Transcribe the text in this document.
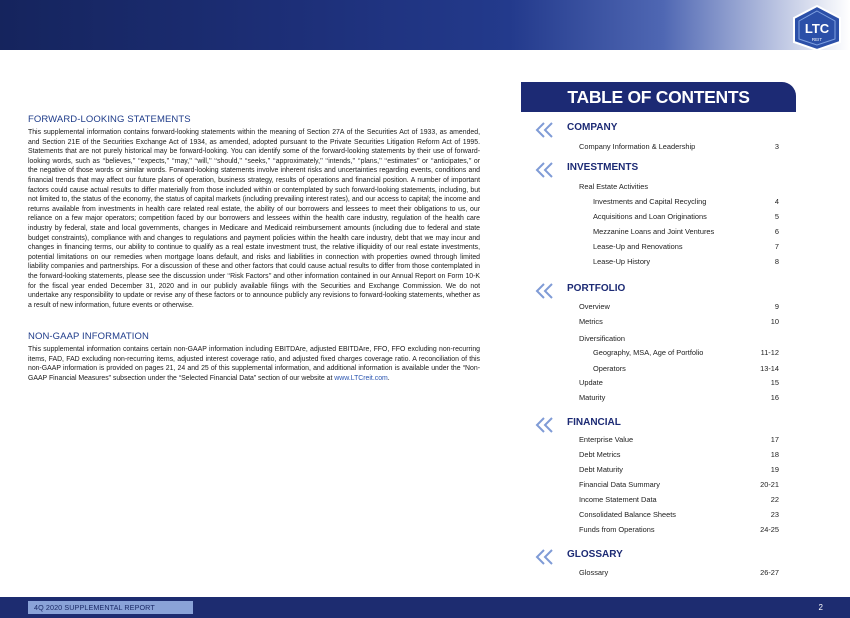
LTC
REIT
FORWARD-LOOKING STATEMENTS

This supplemental information contains forward-looking statements within the meaning of Section 27A of the Securities Act of 1933, as amended, and Section 21E of the Securities Exchange Act of 1934, as amended, adopted pursuant to the Private Securities Litigation Reform Act of 1995. Statements that are not purely historical may be forward-looking. You can identify some of the forward-looking statements by their use of forward-looking words, such as ‘‘believes,’’ ‘‘expects,’’ ‘‘may,’’ ‘‘will,’’ ‘‘should,’’ ‘‘seeks,’’ ‘‘approximately,’’ ‘‘intends,’’ ‘‘plans,’’ ‘‘estimates’’ or ‘‘anticipates,’’ or the negative of those words or similar words. Forward-looking statements involve inherent risks and uncertainties regarding events, conditions and financial trends that may affect our future plans of operation, business strategy, results of operations and financial position. A number of important factors could cause actual results to differ materially from those included within or contemplated by such forward-looking statements, including, but not limited to, the status of the economy, the status of capital markets (including prevailing interest rates), and our access to capital; the income and returns available from investments in health care related real estate, the ability of our borrowers and lessees to meet their obligations to us, our reliance on a few major operators; competition faced by our borrowers and lessees within the health care industry, regulation of the health care industry by federal, state and local governments, changes in Medicare and Medicaid reimbursement amounts (including due to federal and state budget constraints), compliance with and changes to regulations and payment policies within the health care industry, debt that we may incur and changes in financing terms, our ability to continue to qualify as a real estate investment trust, the relative illiquidity of our real estate investments, potential limitations on our remedies when mortgage loans default, and risks and liabilities in connection with properties owned through limited liability companies and partnerships. For a discussion of these and other factors that could cause actual results to differ from those contemplated in the forward-looking statements, please see the discussion under ‘‘Risk Factors’’ and other information contained in our Annual Report on Form 10-K for the fiscal year ended December 31, 2020 and in our publicly available filings with the Securities and Exchange Commission. We do not undertake any responsibility to update or revise any of these factors or to announce publicly any revisions to forward-looking statements, whether as a result of new information, future events or otherwise.

NON-GAAP INFORMATION

This supplemental information contains certain non-GAAP information including EBITDAre, adjusted EBITDAre, FFO, FFO excluding non-recurring items, FAD, FAD excluding non-recurring items, adjusted interest coverage ratio, and adjusted fixed charges coverage ratio. A reconciliation of this non-GAAP information is provided on pages 21, 24 and 25 of this supplemental information, and additional information is available under the “Non-GAAP Financial Measures” subsection under the “Selected Financial Data” section of our website at www.LTCreit.com.

TABLE OF CONTENTS
COMPANY
Company Information & Leadership	3
INVESTMENTS
Real Estate Activities
Investments and Capital Recycling	4
Acquisitions and Loan Originations	5
Mezzanine Loans and Joint Ventures	6
Lease-Up and Renovations	7
Lease-Up History	8
PORTFOLIO
Overview	9
Metrics	10
Diversification
Geography, MSA, Age of Portfolio	11-12
Operators	13-14
Update	15
Maturity	16
FINANCIAL
Enterprise Value	17
Debt Metrics	18
Debt Maturity	19
Financial Data Summary	20-21
Income Statement Data	22
Consolidated Balance Sheets	23
Funds from Operations	24-25
GLOSSARY
Glossary	26-27
4Q 2020 SUPPLEMENTAL REPORT	2
